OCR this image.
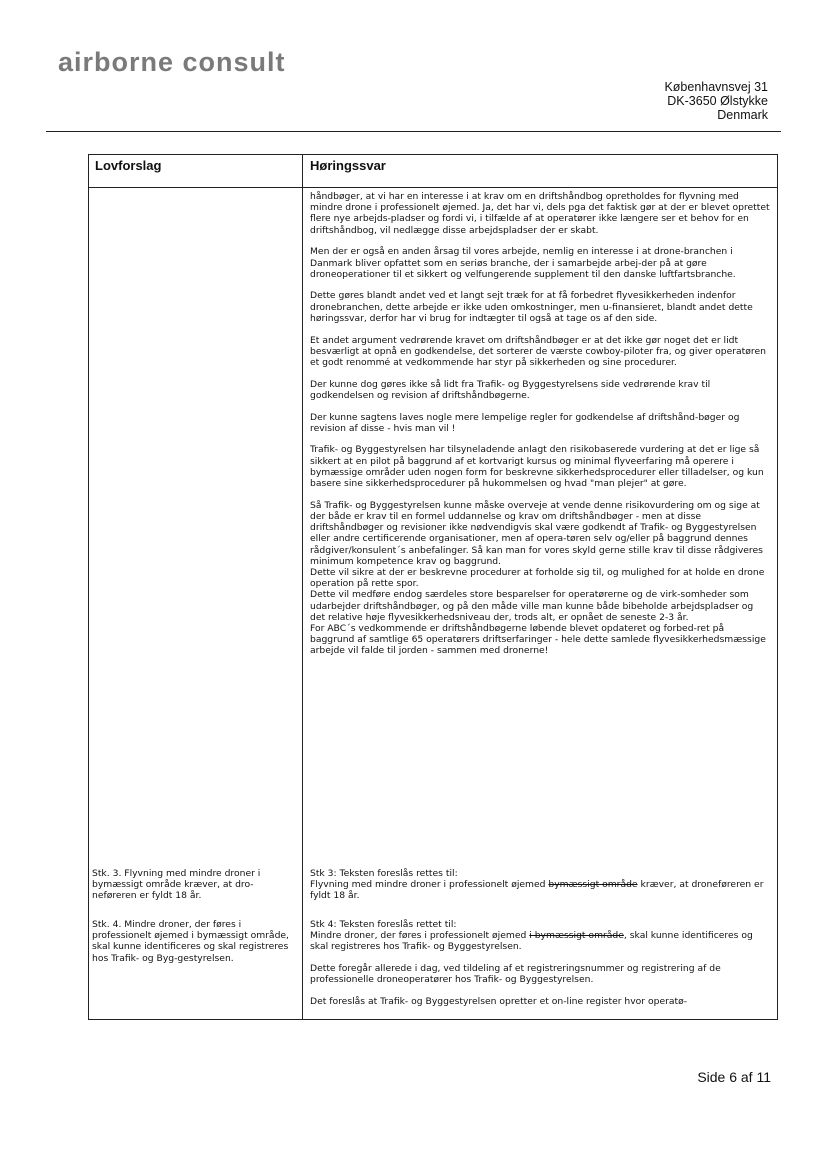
airborne consult
Københavnsvej 31
DK-3650 Ølstykke
Denmark
Lovforslag	Høringssvar

håndbøger, at vi har en interesse i at krav om en driftshåndbog opretholdes for flyvning med mindre drone i professionelt øjemed. Ja, det har vi, dels pga det faktisk gør at der er blevet oprettet flere nye arbejds-pladser og fordi vi, i tilfælde af at operatører ikke længere ser et behov for en driftshåndbog, vil nedlægge disse arbejdspladser der er skabt.

Men der er også en anden årsag til vores arbejde, nemlig en interesse i at drone-branchen i Danmark bliver opfattet som en seriøs branche, der i samarbejde arbej-der på at gøre droneoperationer til et sikkert og velfungerende supplement til den danske luftfartsbranche.

Dette gøres blandt andet ved et langt sejt træk for at få forbedret flyvesikkerheden indenfor dronebranchen, dette arbejde er ikke uden omkostninger, men u-finansieret, blandt andet dette høringssvar, derfor har vi brug for indtægter til også at tage os af den side.

Et andet argument vedrørende kravet om driftshåndbøger er at det ikke gør noget det er lidt besværligt at opnå en godkendelse, det sorterer de værste cowboy-piloter fra, og giver operatøren et godt renommé at vedkommende har styr på sikkerheden og sine procedurer.

Der kunne dog gøres ikke så lidt fra Trafik- og Byggestyrelsens side vedrørende krav til godkendelsen og revision af driftshåndbøgerne.

Der kunne sagtens laves nogle mere lempelige regler for godkendelse af driftshånd-bøger og revision af disse - hvis man vil !

Trafik- og Byggestyrelsen har tilsyneladende anlagt den risikobaserede vurdering at det er lige så sikkert at en pilot på baggrund af et kortvarigt kursus og minimal flyveerfaring må operere i bymæssige områder uden nogen form for beskrevne sikkerhedsprocedurer eller tilladelser, og kun basere sine sikkerhedsprocedurer på hukommelsen og hvad "man plejer" at gøre.

Så Trafik- og Byggestyrelsen kunne måske overveje at vende denne risikovurdering om og sige at der både er krav til en formel uddannelse og krav om driftshåndbøger - men at disse driftshåndbøger og revisioner ikke nødvendigvis skal være godkendt af Trafik- og Byggestyrelsen eller andre certificerende organisationer, men af opera-tøren selv og/eller på baggrund dennes rådgiver/konsulent´s anbefalinger. Så kan man for vores skyld gerne stille krav til disse rådgiveres minimum kompetence krav og baggrund.
Dette vil sikre at der er beskrevne procedurer at forholde sig til, og mulighed for at holde en drone operation på rette spor.
Dette vil medføre endog særdeles store besparelser for operatørerne og de virk-somheder som udarbejder driftshåndbøger, og på den måde ville man kunne både bibeholde arbejdspladser og det relative høje flyvesikkerhedsniveau der, trods alt, er opnået de seneste 2-3 år.
For ABC´s vedkommende er driftshåndbøgerne løbende blevet opdateret og forbed-ret på baggrund af samtlige 65 operatørers driftserfaringer - hele dette samlede flyvesikkerhedsmæssige arbejde vil falde til jorden - sammen med dronerne!

Stk. 3. Flyvning med mindre droner i bymæssigt område kræver, at dro-neføreren er fyldt 18 år.
Stk 3: Teksten foreslås rettes til:
Flyvning med mindre droner i professionelt øjemed bymæssigt område kræver, at droneføreren er fyldt 18 år.
Stk. 4. Mindre droner, der føres i professionelt øjemed i bymæssigt område, skal kunne identificeres og skal registreres hos Trafik- og Byg-gestyrelsen.

Stk 4: Teksten foreslås rettet til:
Mindre droner, der føres i professionelt øjemed i bymæssigt område, skal kunne identificeres og skal registreres hos Trafik- og Byggestyrelsen.

Dette foregår allerede i dag, ved tildeling af et registreringsnummer og registrering af de professionelle droneoperatører hos Trafik- og Byggestyrelsen.

Det foreslås at Trafik- og Byggestyrelsen opretter et on-line register hvor operatø-

Side 6 af 11
